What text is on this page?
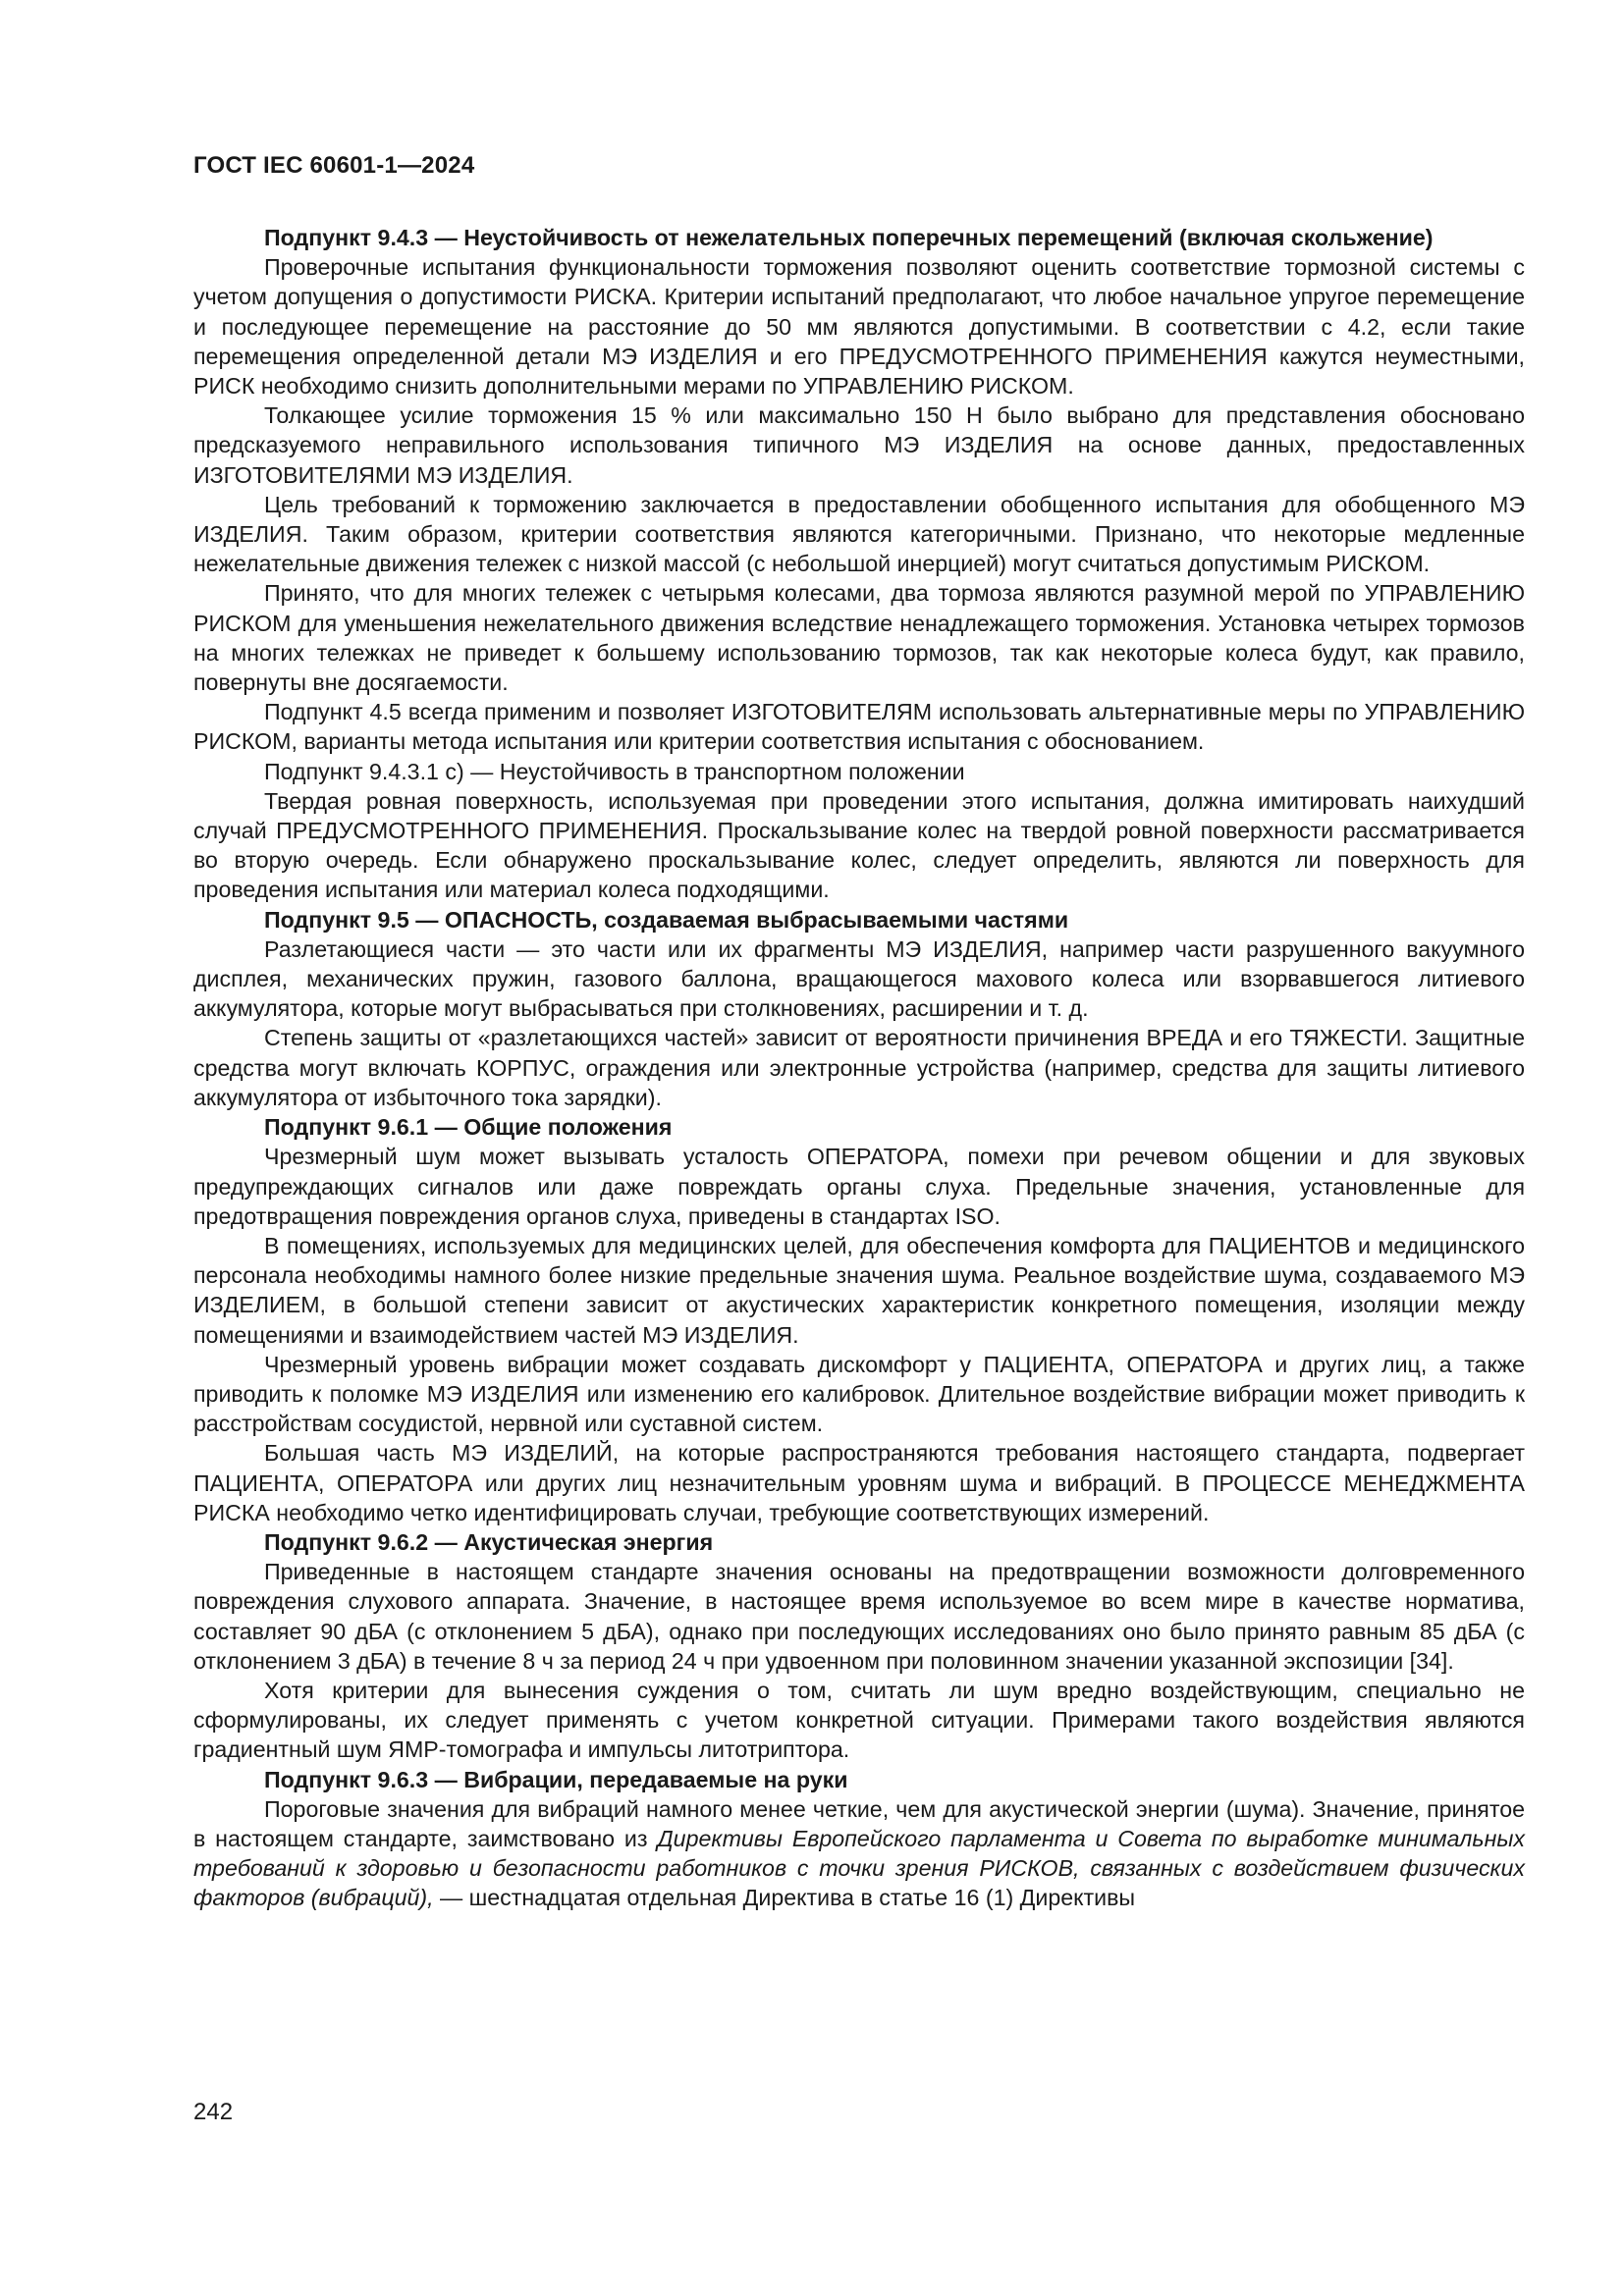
ГОСТ IEC 60601-1—2024

Подпункт 9.4.3 — Неустойчивость от нежелательных поперечных перемещений (включая скольжение)

Проверочные испытания функциональности торможения позволяют оценить соответствие тормозной системы с учетом допущения о допустимости РИСКА. Критерии испытаний предполагают, что любое начальное упругое перемещение и последующее перемещение на расстояние до 50 мм являются допустимыми. В соответствии с 4.2, если такие перемещения определенной детали МЭ ИЗДЕЛИЯ и его ПРЕДУСМОТРЕННОГО ПРИМЕНЕНИЯ кажутся неуместными, РИСК необходимо снизить дополнительными мерами по УПРАВЛЕНИЮ РИСКОМ.

Толкающее усилие торможения 15 % или максимально 150 Н было выбрано для представления обосновано предсказуемого неправильного использования типичного МЭ ИЗДЕЛИЯ на основе данных, предоставленных ИЗГОТОВИТЕЛЯМИ МЭ ИЗДЕЛИЯ.

Цель требований к торможению заключается в предоставлении обобщенного испытания для обобщенного МЭ ИЗДЕЛИЯ. Таким образом, критерии соответствия являются категоричными. Признано, что некоторые медленные нежелательные движения тележек с низкой массой (с небольшой инерцией) могут считаться допустимым РИСКОМ.

Принято, что для многих тележек с четырьмя колесами, два тормоза являются разумной мерой по УПРАВЛЕНИЮ РИСКОМ для уменьшения нежелательного движения вследствие ненадлежащего торможения. Установка четырех тормозов на многих тележках не приведет к большему использованию тормозов, так как некоторые колеса будут, как правило, повернуты вне досягаемости.

Подпункт 4.5 всегда применим и позволяет ИЗГОТОВИТЕЛЯМ использовать альтернативные меры по УПРАВЛЕНИЮ РИСКОМ, варианты метода испытания или критерии соответствия испытания с обоснованием.

Подпункт 9.4.3.1 c) — Неустойчивость в транспортном положении

Твердая ровная поверхность, используемая при проведении этого испытания, должна имитировать наихудший случай ПРЕДУСМОТРЕННОГО ПРИМЕНЕНИЯ. Проскальзывание колес на твердой ровной поверхности рассматривается во вторую очередь. Если обнаружено проскальзывание колес, следует определить, являются ли поверхность для проведения испытания или материал колеса подходящими.

Подпункт 9.5 — ОПАСНОСТЬ, создаваемая выбрасываемыми частями

Разлетающиеся части — это части или их фрагменты МЭ ИЗДЕЛИЯ, например части разрушенного вакуумного дисплея, механических пружин, газового баллона, вращающегося махового колеса или взорвавшегося литиевого аккумулятора, которые могут выбрасываться при столкновениях, расширении и т. д.

Степень защиты от «разлетающихся частей» зависит от вероятности причинения ВРЕДА и его ТЯЖЕСТИ. Защитные средства могут включать КОРПУС, ограждения или электронные устройства (например, средства для защиты литиевого аккумулятора от избыточного тока зарядки).

Подпункт 9.6.1 — Общие положения

Чрезмерный шум может вызывать усталость ОПЕРАТОРА, помехи при речевом общении и для звуковых предупреждающих сигналов или даже повреждать органы слуха. Предельные значения, установленные для предотвращения повреждения органов слуха, приведены в стандартах ISO.

В помещениях, используемых для медицинских целей, для обеспечения комфорта для ПАЦИЕНТОВ и медицинского персонала необходимы намного более низкие предельные значения шума. Реальное воздействие шума, создаваемого МЭ ИЗДЕЛИЕМ, в большой степени зависит от акустических характеристик конкретного помещения, изоляции между помещениями и взаимодействием частей МЭ ИЗДЕЛИЯ.

Чрезмерный уровень вибрации может создавать дискомфорт у ПАЦИЕНТА, ОПЕРАТОРА и других лиц, а также приводить к поломке МЭ ИЗДЕЛИЯ или изменению его калибровок. Длительное воздействие вибрации может приводить к расстройствам сосудистой, нервной или суставной систем.

Большая часть МЭ ИЗДЕЛИЙ, на которые распространяются требования настоящего стандарта, подвергает ПАЦИЕНТА, ОПЕРАТОРА или других лиц незначительным уровням шума и вибраций. В ПРОЦЕССЕ МЕНЕДЖМЕНТА РИСКА необходимо четко идентифицировать случаи, требующие соответствующих измерений.

Подпункт 9.6.2 — Акустическая энергия

Приведенные в настоящем стандарте значения основаны на предотвращении возможности долговременного повреждения слухового аппарата. Значение, в настоящее время используемое во всем мире в качестве норматива, составляет 90 дБА (с отклонением 5 дБА), однако при последующих исследованиях оно было принято равным 85 дБА (с отклонением 3 дБА) в течение 8 ч за период 24 ч при удвоенном при половинном значении указанной экспозиции [34].

Хотя критерии для вынесения суждения о том, считать ли шум вредно воздействующим, специально не сформулированы, их следует применять с учетом конкретной ситуации. Примерами такого воздействия являются градиентный шум ЯМР-томографа и импульсы литотриптора.

Подпункт 9.6.3 — Вибрации, передаваемые на руки

Пороговые значения для вибраций намного менее четкие, чем для акустической энергии (шума). Значение, принятое в настоящем стандарте, заимствовано из Директивы Европейского парламента и Совета по выработке минимальных требований к здоровью и безопасности работников с точки зрения РИСКОВ, связанных с воздействием физических факторов (вибраций), — шестнадцатая отдельная Директива в статье 16 (1) Директивы

242
